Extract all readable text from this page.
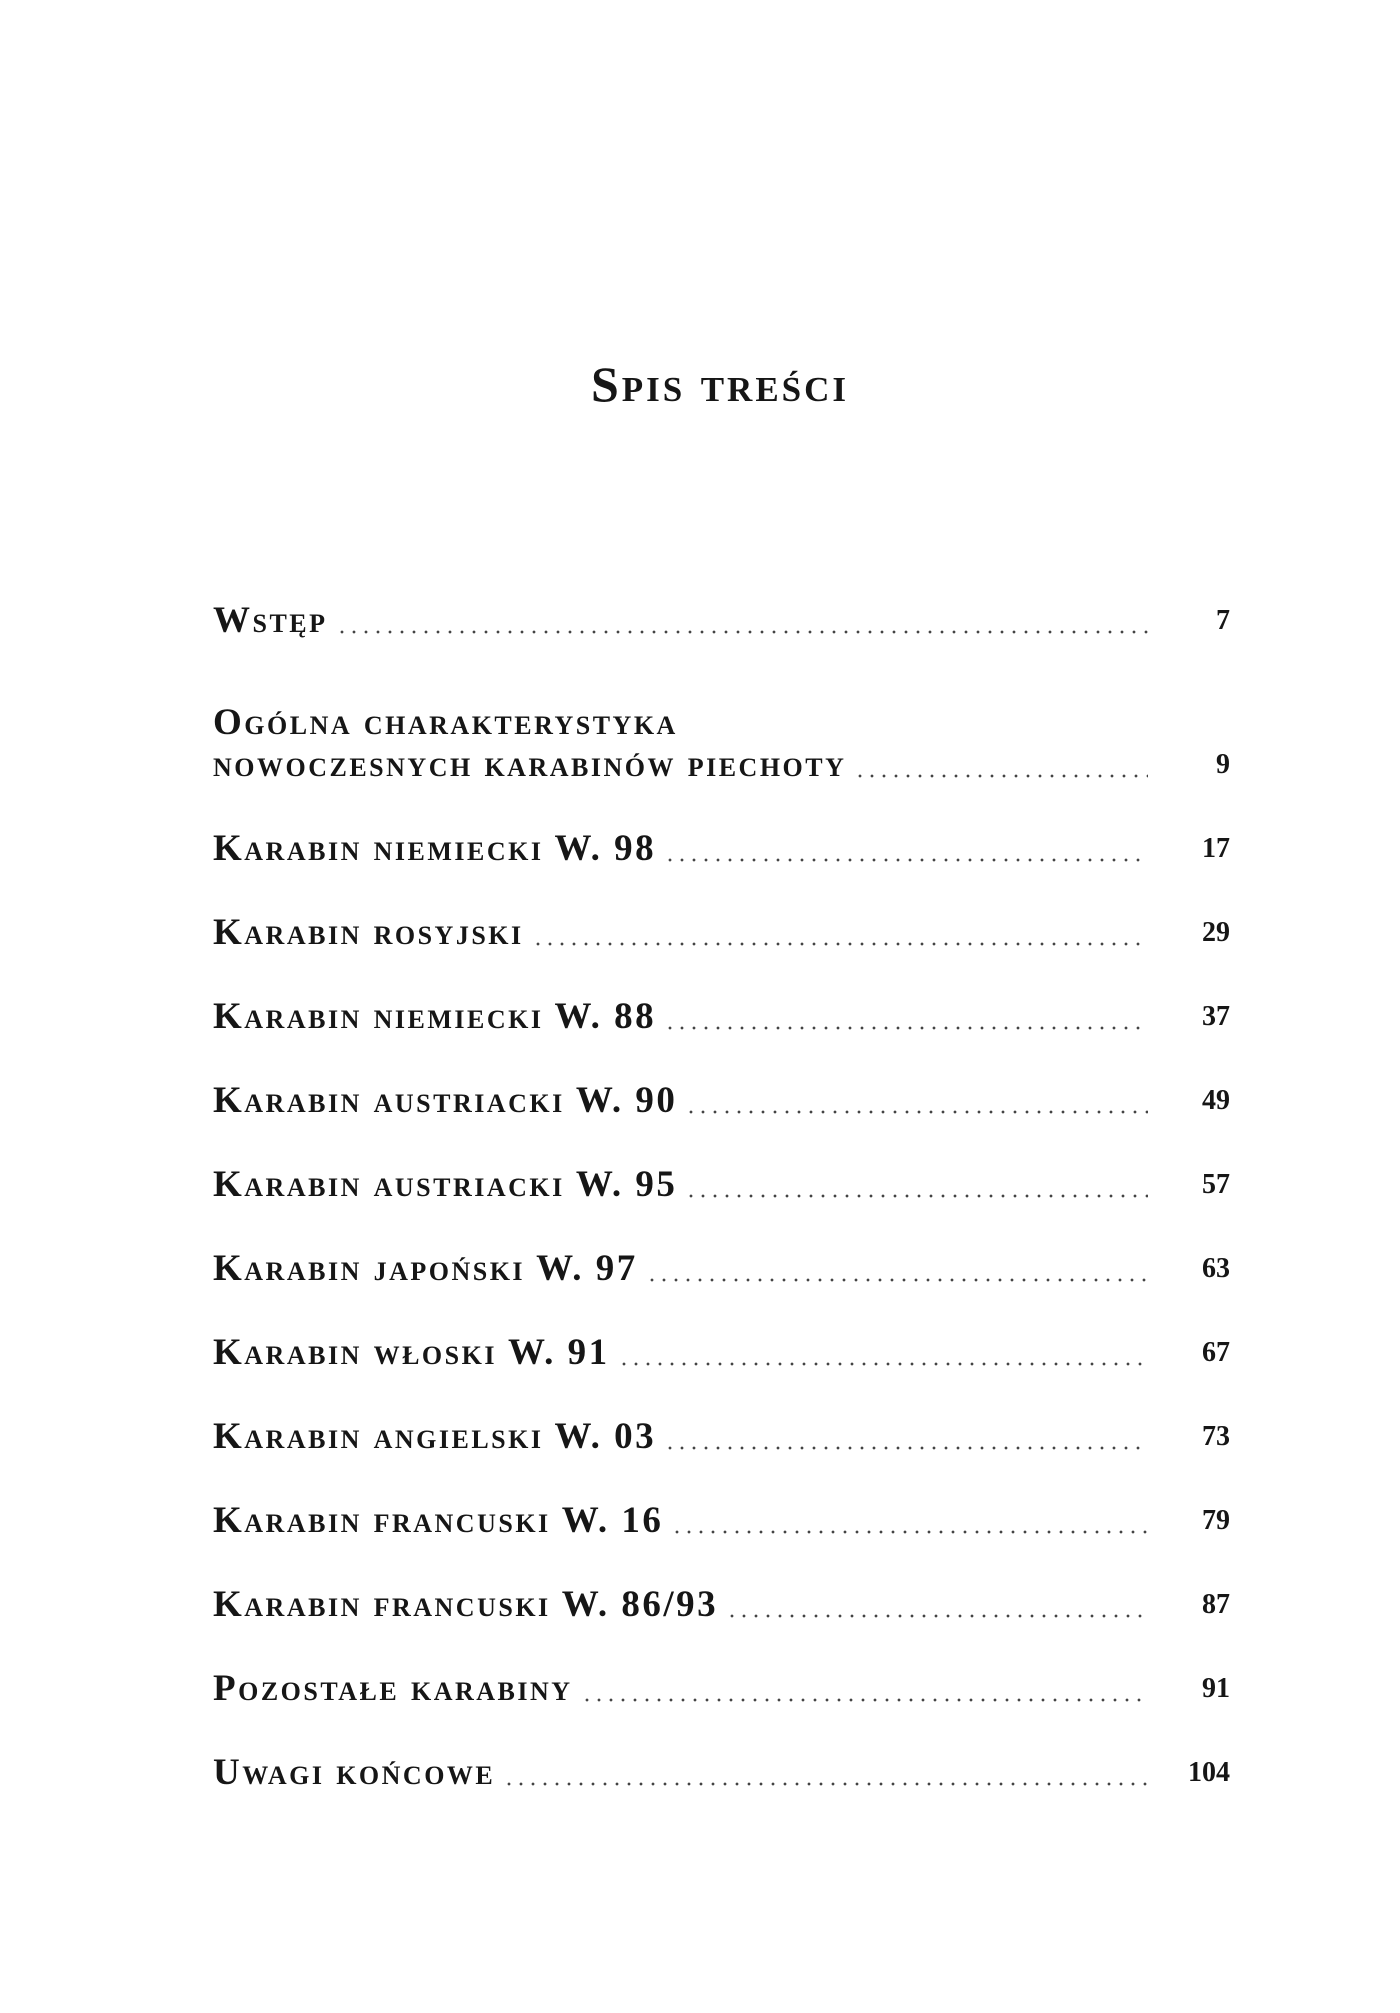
Spis treści
Wstęp	7
Ogólna charakterystyka
nowoczesnych karabinów piechoty	9
Karabin niemiecki W. 98	17
Karabin rosyjski	29
Karabin niemiecki W. 88	37
Karabin austriacki W. 90	49
Karabin austriacki W. 95	57
Karabin japoński W. 97	63
Karabin włoski W. 91	67
Karabin angielski W. 03	73
Karabin francuski W. 16	79
Karabin francuski W. 86/93	87
Pozostałe karabiny	91
Uwagi końcowe	104
